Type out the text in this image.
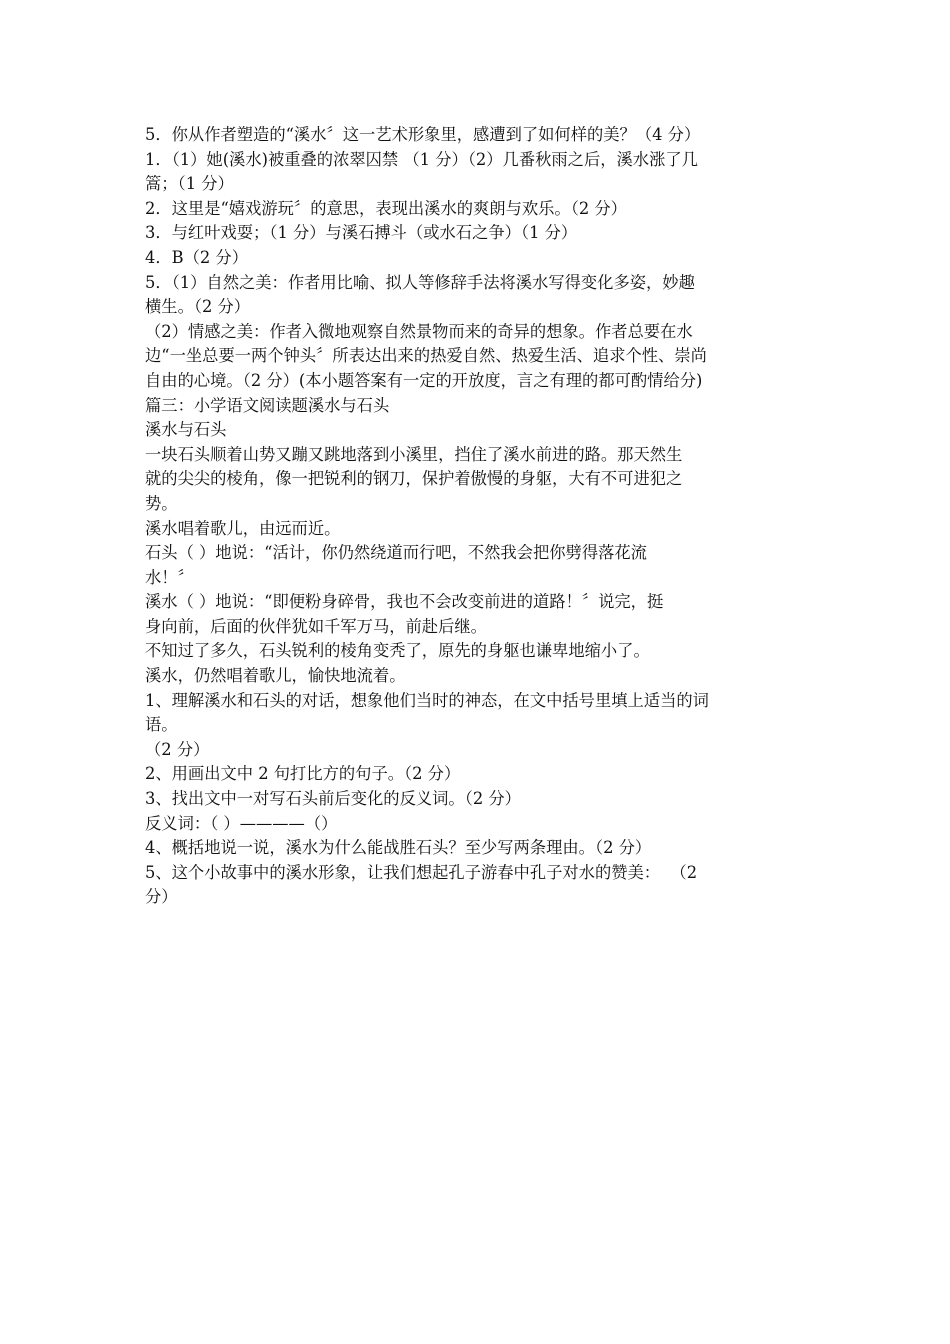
5．你从作者塑造的“溪水〞这一艺术形象里，感遭到了如何样的美？（4 分）
1．（1）她(溪水)被重叠的浓翠囚禁 （1 分）（2）几番秋雨之后，溪水涨了几
篙；（1 分）
2．这里是“嬉戏游玩〞的意思，表现出溪水的爽朗与欢乐。（2 分）
3．与红叶戏耍；（1 分）与溪石搏斗（或水石之争）（1 分）
4．B（2 分）
5．（1）自然之美：作者用比喻、拟人等修辞手法将溪水写得变化多姿，妙趣
横生。（2 分）
（2）情感之美：作者入微地观察自然景物而来的奇异的想象。作者总要在水
边“一坐总要一两个钟头〞所表达出来的热爱自然、热爱生活、追求个性、崇尚
自由的心境。（2 分）(本小题答案有一定的开放度，言之有理的都可酌情给分)
篇三：小学语文阅读题溪水与石头
溪水与石头
一块石头顺着山势又蹦又跳地落到小溪里，挡住了溪水前进的路。那天然生
就的尖尖的棱角，像一把锐利的钢刀，保护着傲慢的身躯，大有不可进犯之
势。
溪水唱着歌儿，由远而近。
石头（ ）地说：“活计，你仍然绕道而行吧，不然我会把你劈得落花流
水！〞
溪水（ ）地说：“即便粉身碎骨，我也不会改变前进的道路！〞说完，挺
身向前，后面的伙伴犹如千军万马，前赴后继。
不知过了多久，石头锐利的棱角变秃了，原先的身躯也谦卑地缩小了。
溪水，仍然唱着歌儿，愉快地流着。
1、理解溪水和石头的对话，想象他们当时的神态，在文中括号里填上适当的词
语。
（2 分）
2、用画出文中 2 句打比方的句子。（2 分）
3、找出文中一对写石头前后变化的反义词。（2 分）
反义词：（ ）————（）
4、概括地说一说，溪水为什么能战胜石头？至少写两条理由。（2 分）
5、这个小故事中的溪水形象，让我们想起孔子游春中孔子对水的赞美：  （2
分）
